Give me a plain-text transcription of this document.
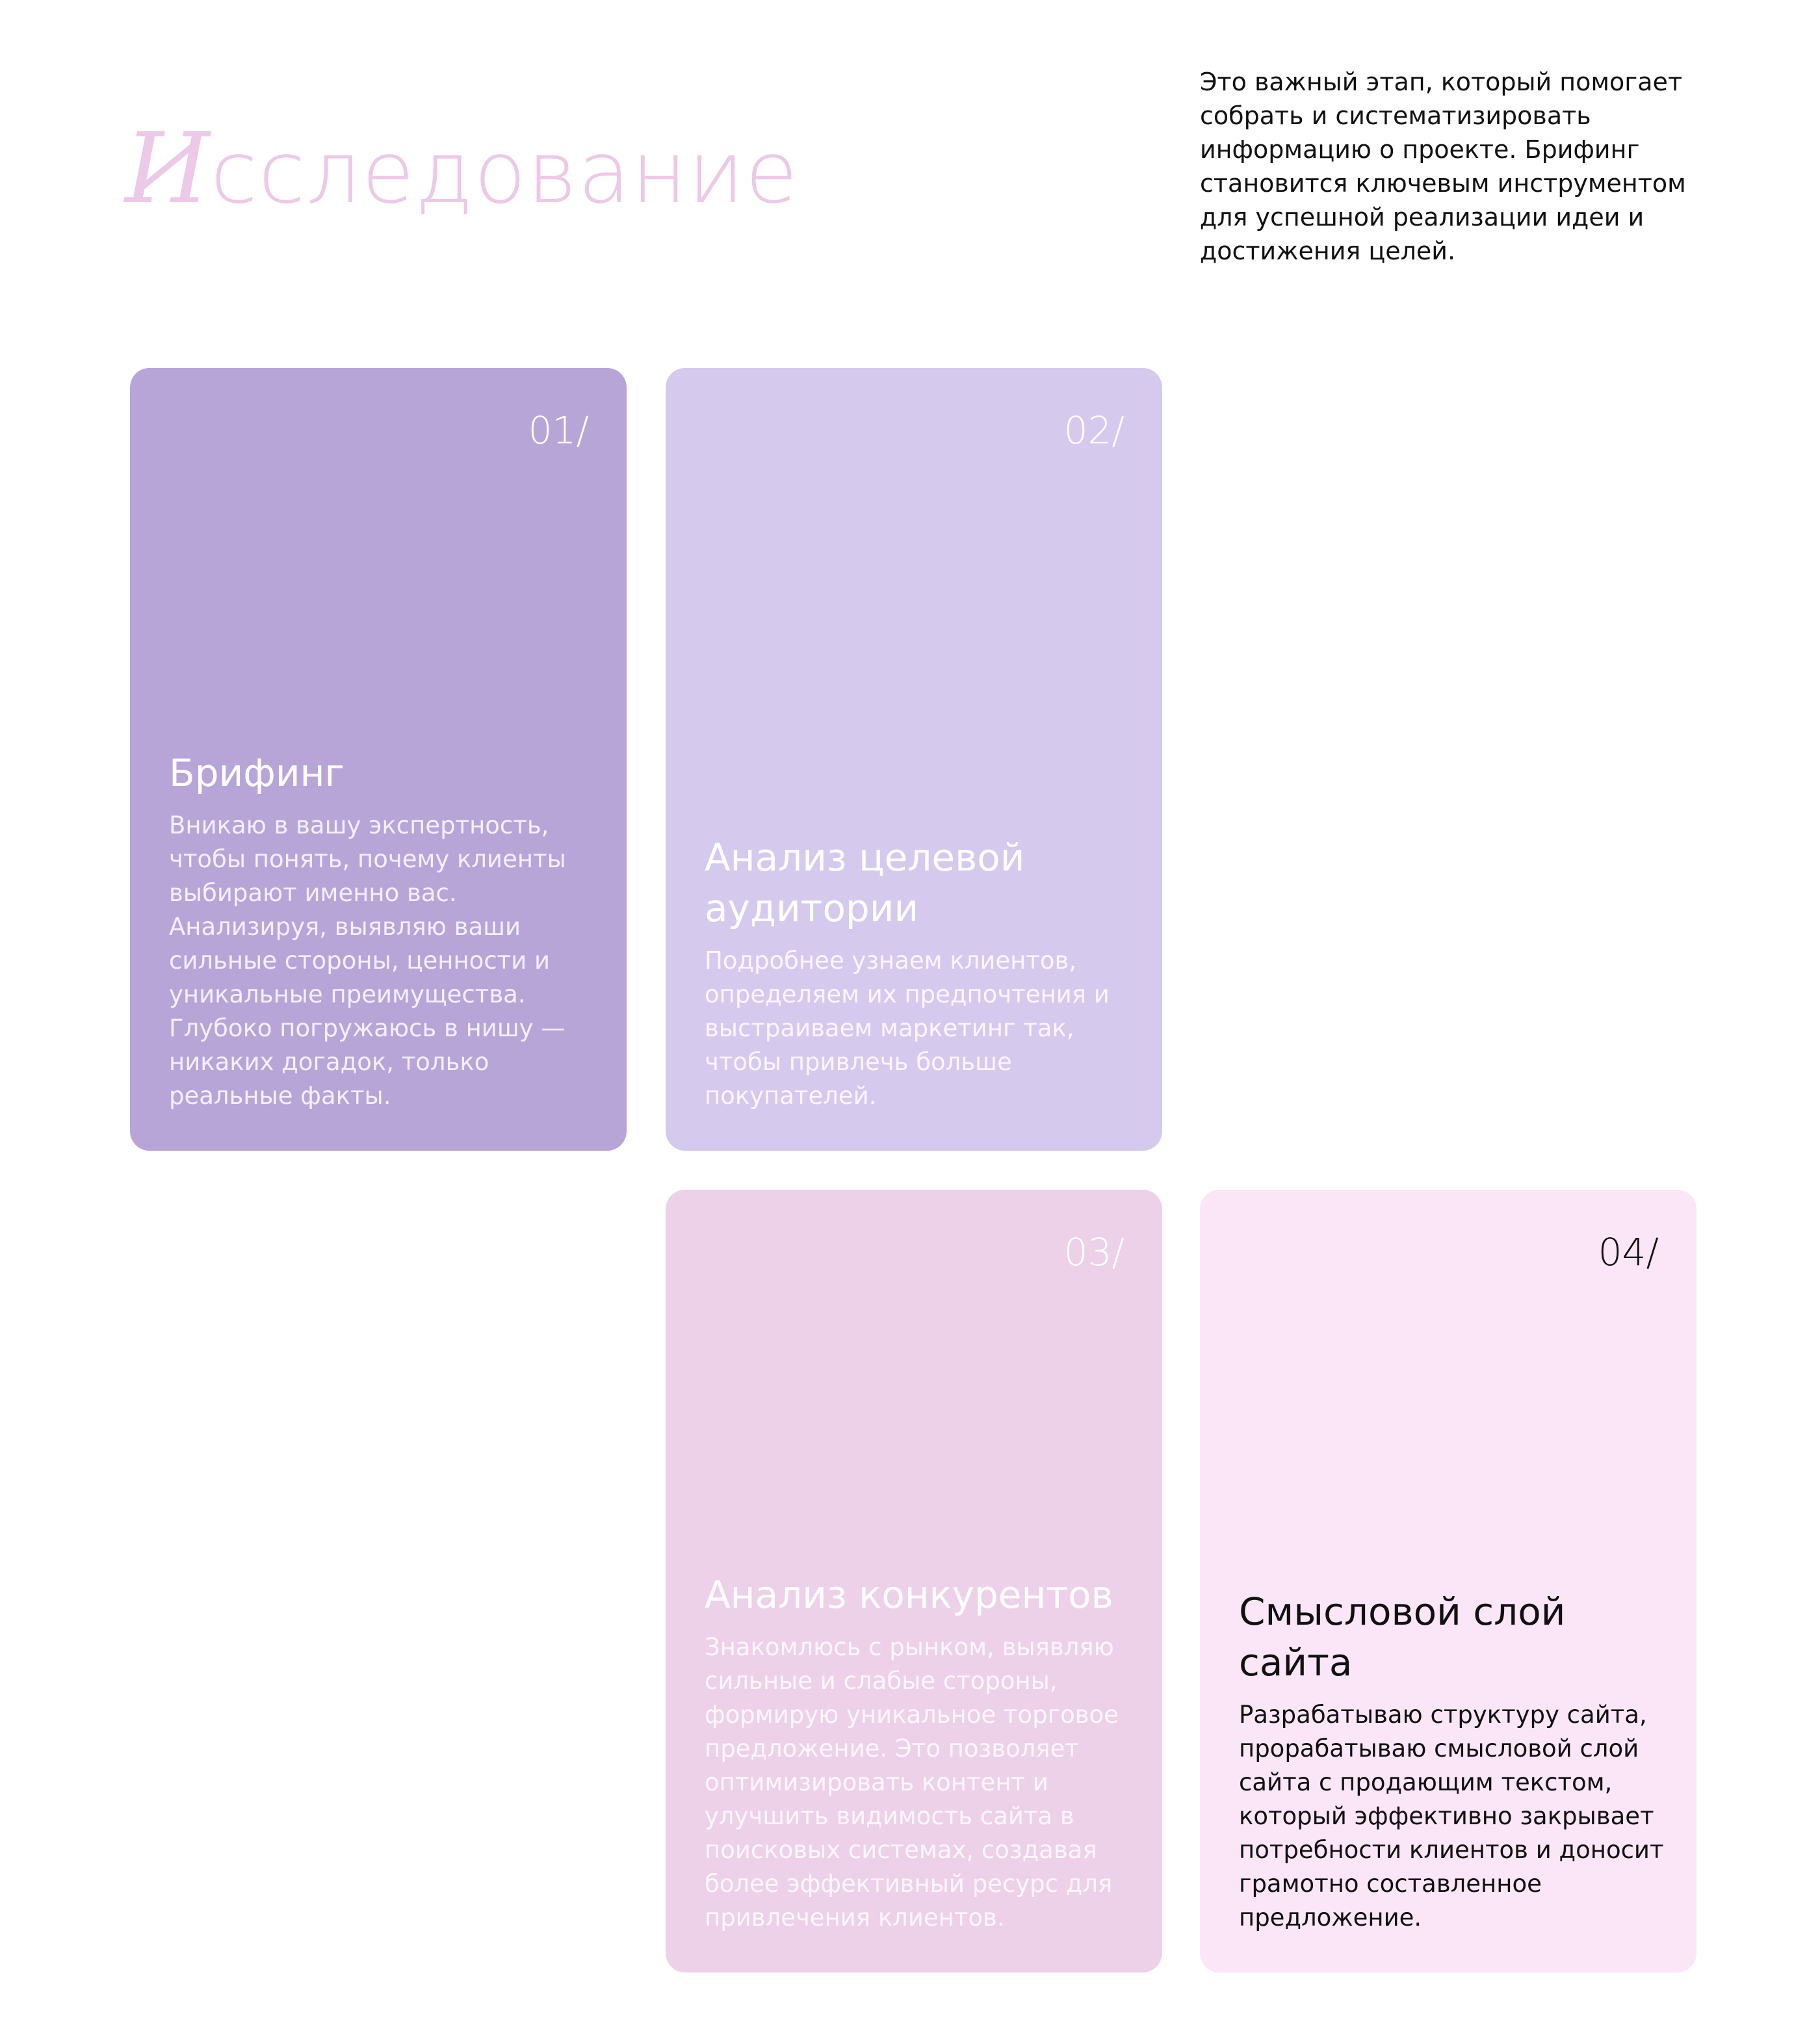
Исследование

Это важный этап, который помогает собрать и систематизировать информацию о проекте. Брифинг становится ключевым инструментом для успешной реализации идеи и достижения целей.

01/

Брифинг

Вникаю в вашу экспертность, чтобы понять, почему клиенты выбирают именно вас. Анализируя, выявляю ваши сильные стороны, ценности и уникальные преимущества. Глубоко погружаюсь в нишу — никаких догадок, только реальные факты.

02/

Анализ целевой аудитории

Подробнее узнаем клиентов, определяем их предпочтения и выстраиваем маркетинг так, чтобы привлечь больше покупателей.

03/

Анализ конкурентов

Знакомлюсь с рынком, выявляю сильные и слабые стороны, формирую уникальное торговое предложение. Это позволяет оптимизировать контент и улучшить видимость сайта в поисковых системах, создавая более эффективный ресурс для привлечения клиентов.

04/

Смысловой слой сайта

Разрабатываю структуру сайта, прорабатываю смысловой слой сайта с продающим текстом, который эффективно закрывает потребности клиентов и доносит грамотно составленное предложение.
